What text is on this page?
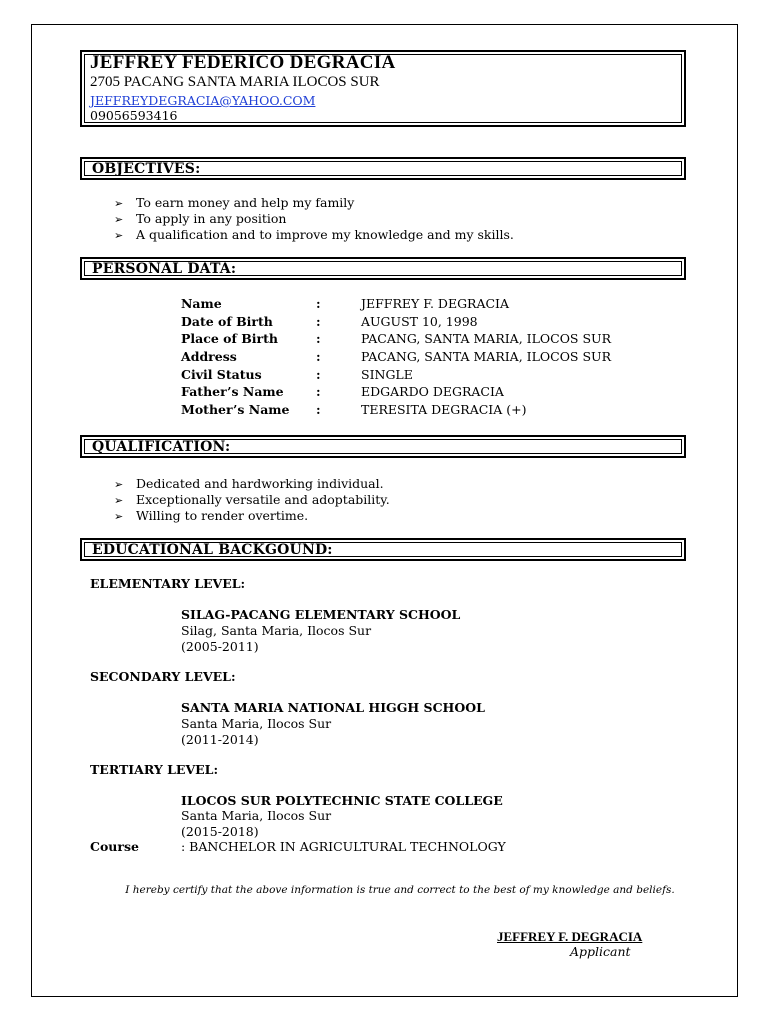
JEFFREY FEDERICO DEGRACIA
2705 PACANG SANTA MARIA ILOCOS SUR
JEFFREYDEGRACIA@YAHOO.COM
09056593416
OBJECTIVES:
➢ To earn money and help my family
➢ To apply in any position
➢ A qualification and to improve my knowledge and my skills.
PERSONAL DATA:
Name	:	JEFFREY F. DEGRACIA
Date of Birth	:	AUGUST 10, 1998
Place of Birth	:	PACANG, SANTA MARIA, ILOCOS SUR
Address	:	PACANG, SANTA MARIA, ILOCOS SUR
Civil Status	:	SINGLE
Father’s Name	:	EDGARDO DEGRACIA
Mother’s Name :	TERESITA DEGRACIA (+)
QUALIFICATION:
➢ Dedicated and hardworking individual.
➢ Exceptionally versatile and adoptability.
➢ Willing to render overtime.
EDUCATIONAL BACKGOUND:
ELEMENTARY LEVEL:
SILAG-PACANG ELEMENTARY SCHOOL
Silag, Santa Maria, Ilocos Sur
(2005-2011)
SECONDARY LEVEL:
SANTA MARIA NATIONAL HIGGH SCHOOL
Santa Maria, Ilocos Sur
(2011-2014)
TERTIARY LEVEL:
ILOCOS SUR POLYTECHNIC STATE COLLEGE
Santa Maria, Ilocos Sur
(2015-2018)
Course	: BANCHELOR IN AGRICULTURAL TECHNOLOGY
I hereby certify that the above information is true and correct to the best of my knowledge and beliefs.
JEFFREY F. DEGRACIA
Applicant
